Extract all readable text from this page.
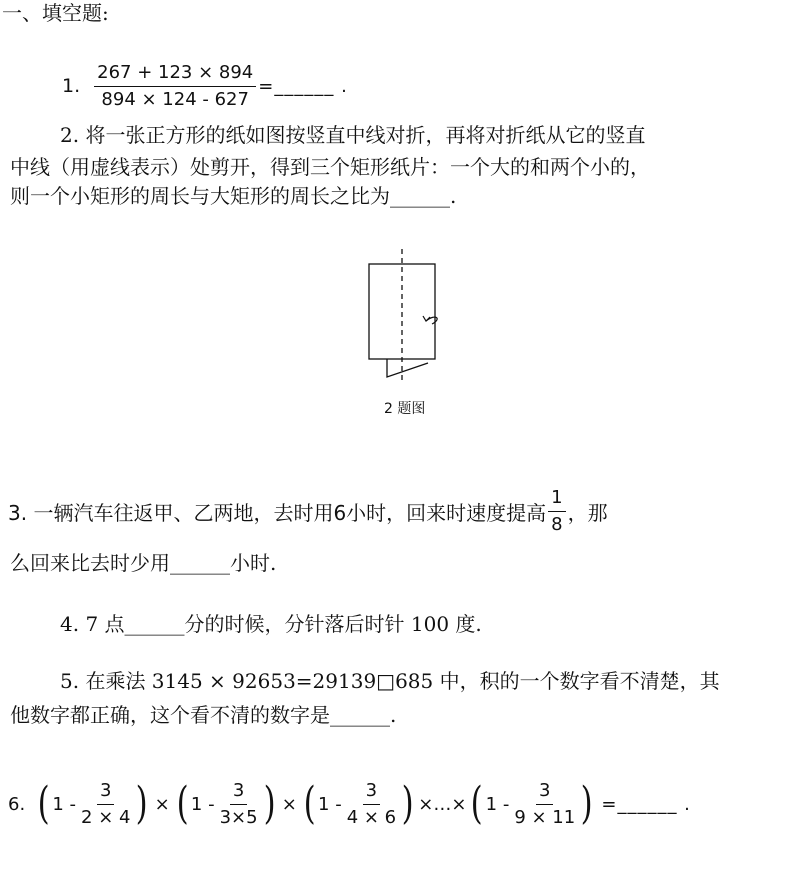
一、填空题:
1. $\frac{267 + 123 \times 894}{894 \times 124 - 627}$ =______ .
2. 将一张正方形的纸如图按竖直中线对折，再将对折纸从它的竖直
中线（用虚线表示）处剪开，得到三个矩形纸片：一个大的和两个小的，
则一个小矩形的周长与大矩形的周长之比为______.
2 题图
3. 一辆汽车往返甲、乙两地，去时用6小时，回来时速度提高 $\frac{1}{8}$ ，那
么回来比去时少用______小时.
4. 7 点______分的时候，分针落后时针 100 度.
5. 在乘法 3145 × 92653=29139□685 中，积的一个数字看不清楚，其
他数字都正确，这个看不清的数字是______.
6. ( $1 - \frac{3}{2 \times 4}$ ) × ( $1 - \frac{3}{3\times 5}$ ) × ( $1 - \frac{3}{4 \times 6}$ ) ×…× ( $1 - \frac{3}{9 \times 11}$ ) =______ .
